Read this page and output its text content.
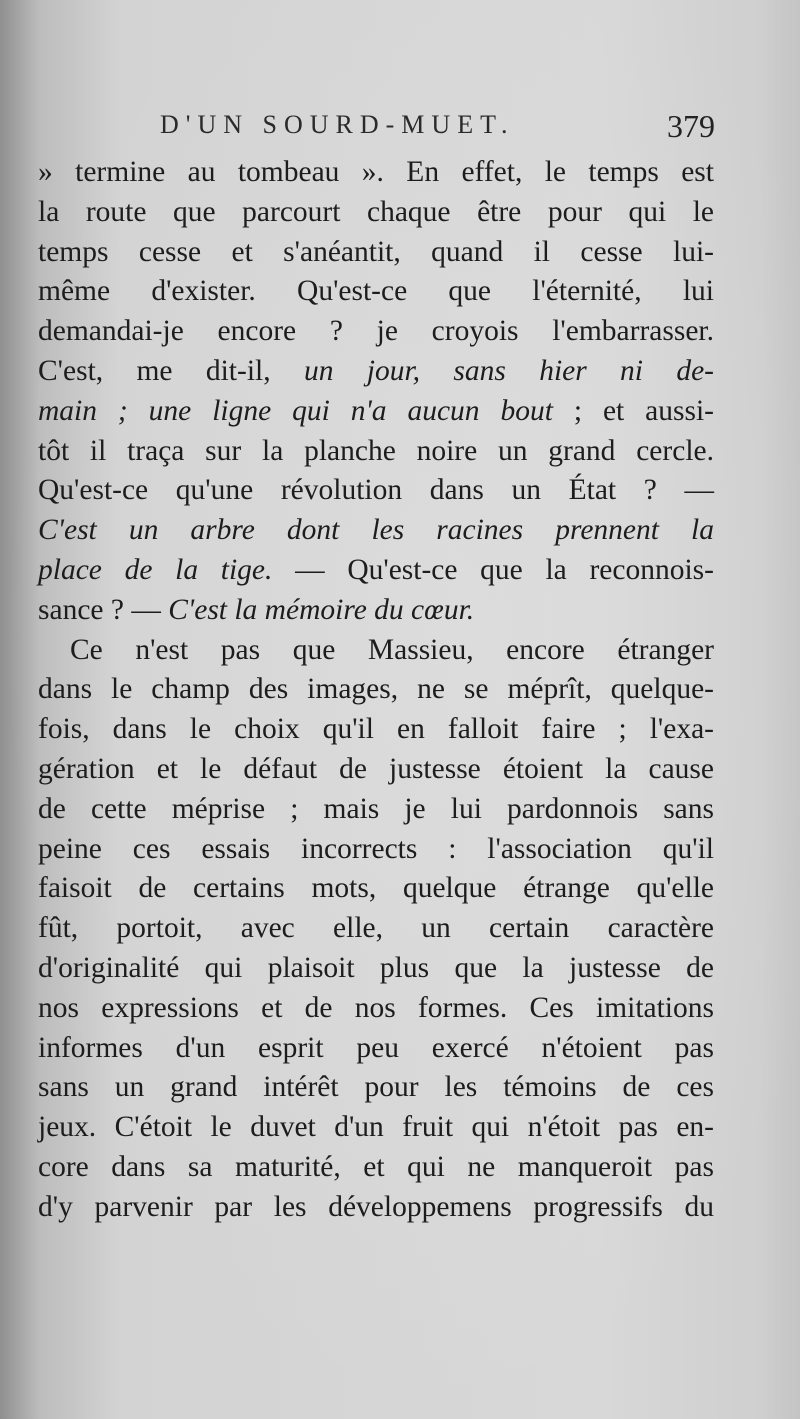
D'UN SOURD-MUET.	379
» termine au tombeau ». En effet, le temps est
la route que parcourt chaque être pour qui le
temps cesse et s'anéantit, quand il cesse lui-
même d'exister. Qu'est-ce que l'éternité, lui
demandai-je encore ? je croyois l'embarrasser.
C'est, me dit-il, un jour, sans hier ni de-
main ; une ligne qui n'a aucun bout ; et aussi-
tôt il traça sur la planche noire un grand cercle.
Qu'est-ce qu'une révolution dans un État ? —
C'est un arbre dont les racines prennent la
place de la tige. — Qu'est-ce que la reconnois-
sance ? — C'est la mémoire du cœur.
Ce n'est pas que Massieu, encore étranger
dans le champ des images, ne se méprît, quelque-
fois, dans le choix qu'il en falloit faire ; l'exa-
gération et le défaut de justesse étoient la cause
de cette méprise ; mais je lui pardonnois sans
peine ces essais incorrects : l'association qu'il
faisoit de certains mots, quelque étrange qu'elle
fût, portoit, avec elle, un certain caractère
d'originalité qui plaisoit plus que la justesse de
nos expressions et de nos formes. Ces imitations
informes d'un esprit peu exercé n'étoient pas
sans un grand intérêt pour les témoins de ces
jeux. C'étoit le duvet d'un fruit qui n'étoit pas en-
core dans sa maturité, et qui ne manqueroit pas
d'y parvenir par les développemens progressifs du
